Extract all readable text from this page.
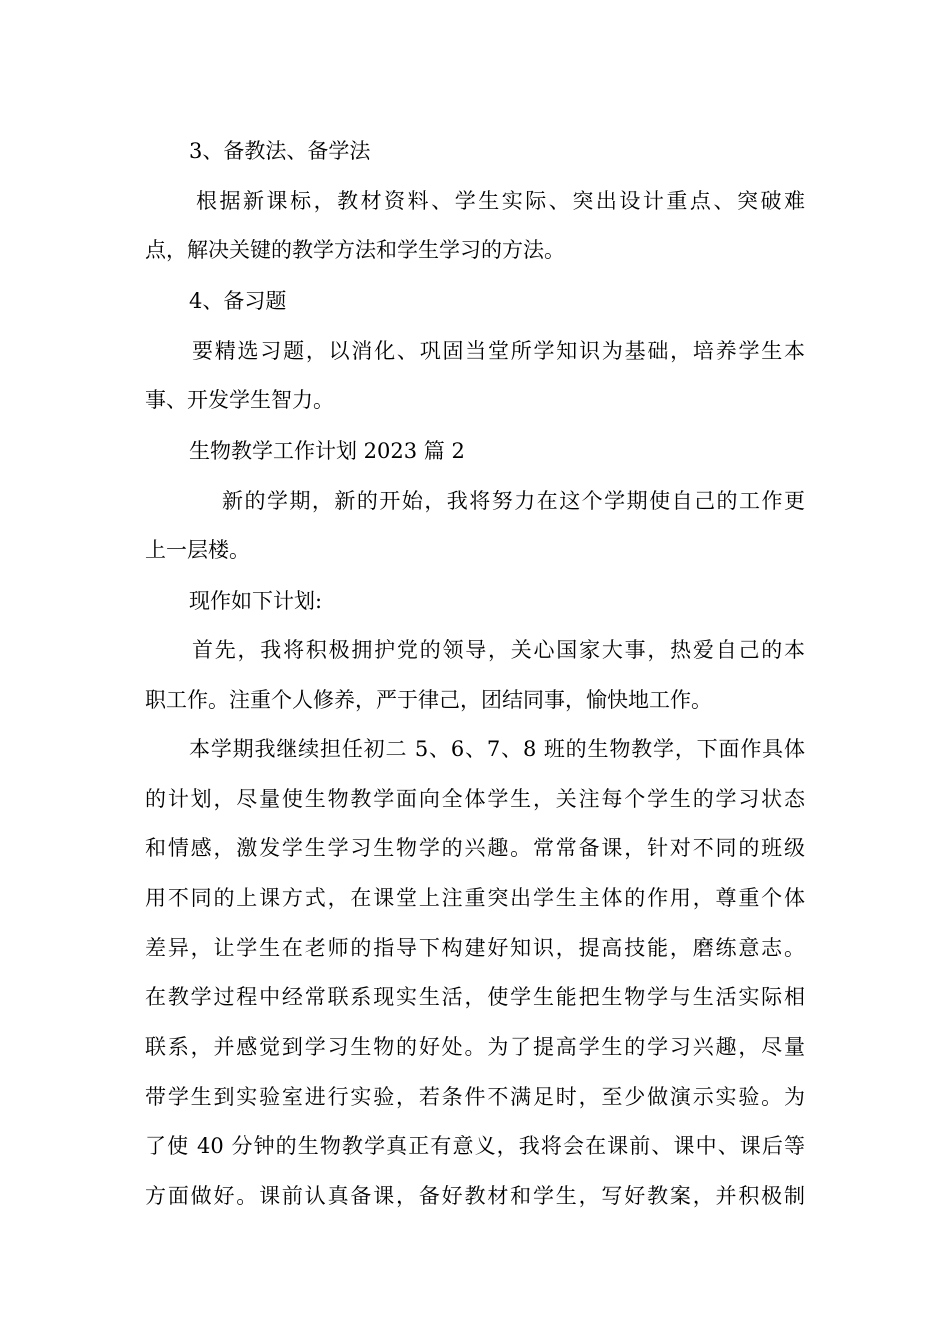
3、备教法、备学法
根据新课标，教材资料、学生实际、突出设计重点、突破难
点，解决关键的教学方法和学生学习的方法。
4、备习题
要精选习题，以消化、巩固当堂所学知识为基础，培养学生本
事、开发学生智力。
生物教学工作计划 2023 篇 2
新的学期，新的开始，我将努力在这个学期使自己的工作更
上一层楼。
现作如下计划:
首先，我将积极拥护党的领导，关心国家大事，热爱自己的本
职工作。注重个人修养，严于律己，团结同事，愉快地工作。
本学期我继续担任初二 5、6、7、8 班的生物教学，下面作具体
的计划，尽量使生物教学面向全体学生，关注每个学生的学习状态
和情感，激发学生学习生物学的兴趣。常常备课，针对不同的班级
用不同的上课方式，在课堂上注重突出学生主体的作用，尊重个体
差异，让学生在老师的指导下构建好知识，提高技能，磨练意志。
在教学过程中经常联系现实生活，使学生能把生物学与生活实际相
联系，并感觉到学习生物的好处。为了提高学生的学习兴趣，尽量
带学生到实验室进行实验，若条件不满足时，至少做演示实验。为
了使 40 分钟的生物教学真正有意义，我将会在课前、课中、课后等
方面做好。课前认真备课，备好教材和学生，写好教案，并积极制
